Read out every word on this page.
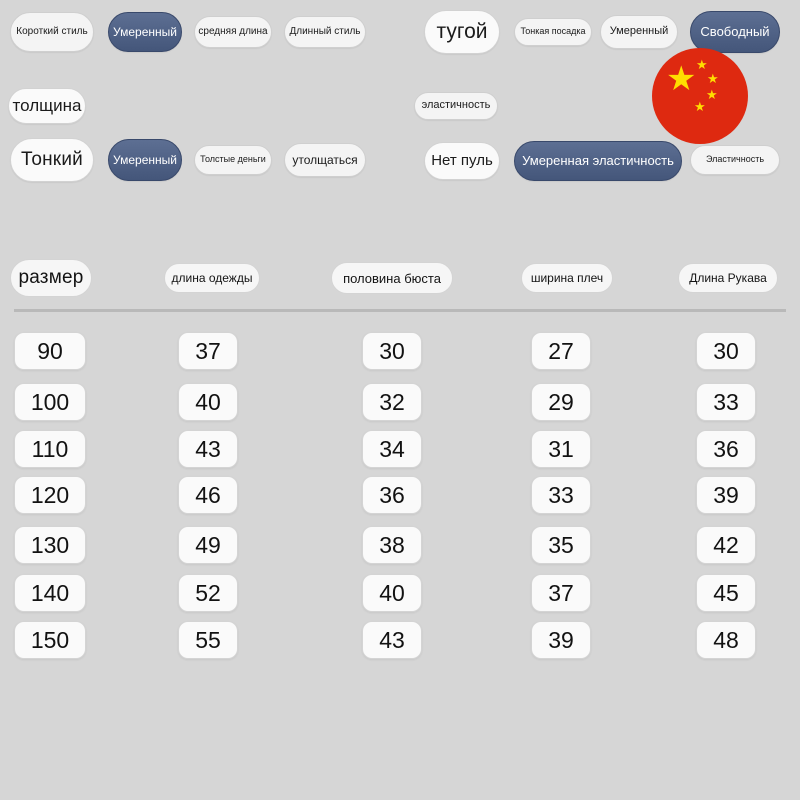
Короткий стиль	Умеренный	средняя длина	Длинный стиль	тугой	Тонкая посадка	Умеренный	Свободный
★ ★
★
★
★
толщина	эластичность
Тонкий	Умеренный	Толстые деньги	утолщаться	Нет пуль	Умеренная эластичность	Эластичность
размер	длина одежды	половина бюста	ширина плеч	Длина Рукава
90	37	30	27	30
100	40	32	29	33
110	43	34	31	36
120	46	36	33	39
130	49	38	35	42
140	52	40	37	45
150	55	43	39	48
